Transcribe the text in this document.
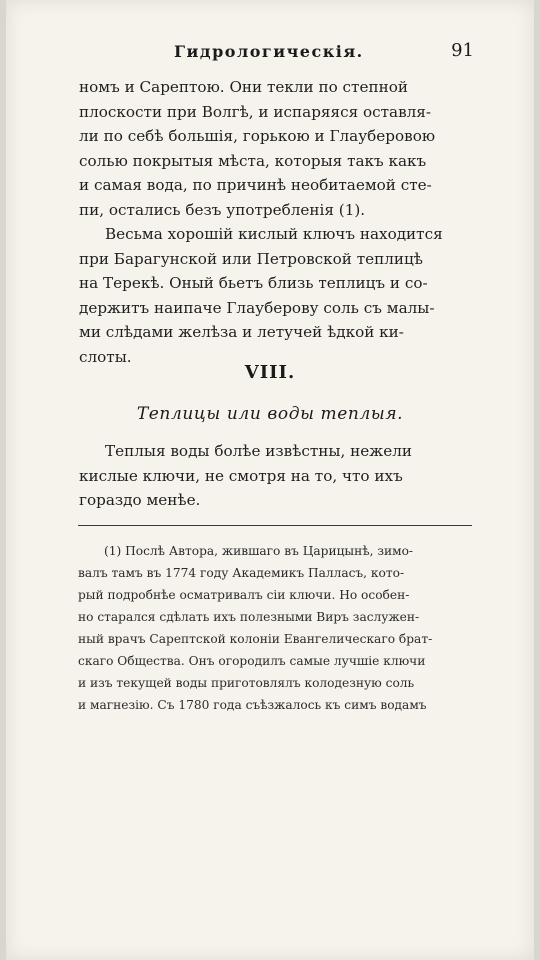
Гидрологическія.	91
номъ и Сарептою. Они текли по степной
плоскости при Волгѣ, и испаряяся оставля-
ли по себѣ большія, горькою и Глауберовою
солью покрытыя мѣста, которыя такъ какъ
и самая вода, по причинѣ необитаемой сте-
пи, остались безъ употребленія (1).
Весьма хорошій кислый ключъ находится
при Барагунской или Петровской теплицѣ
на Терекѣ. Оный бьетъ близь теплицъ и со-
держитъ наипаче Глауберову соль съ малы-
ми слѣдами желѣза и летучей ѣдкой ки-
слоты.
VIII.
Теплицы или воды теплыя.
Теплыя воды болѣе извѣстны, нежели
кислые ключи, не смотря на то, что ихъ
гораздо менѣе.
(1) Послѣ Автора, жившаго въ Царицынѣ, зимо-
валъ тамъ въ 1774 году Академикъ Палласъ, кото-
рый подробнѣе осматривалъ сіи ключи. Но особен-
но старался сдѣлать ихъ полезными Виръ заслужен-
ный врачъ Сарептской колоніи Евангелическаго брат-
скаго Общества. Онъ огородилъ самые лучшіе ключи
и изъ текущей воды приготовлялъ колодезную соль
и магнезію. Съ 1780 года съѣзжалось къ симъ водамъ
